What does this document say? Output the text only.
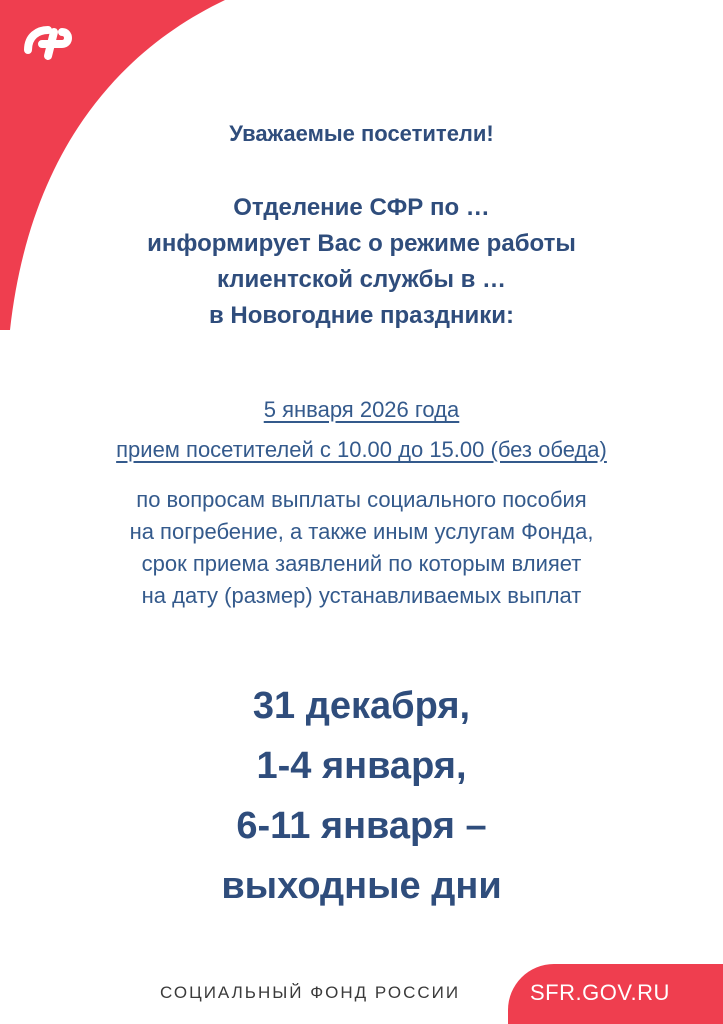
Уважаемые посетители!
Отделение СФР по …
информирует Вас о режиме работы
клиентской службы в …
в Новогодние праздники:
5 января 2026 года
прием посетителей с 10.00 до 15.00 (без обеда)
по вопросам выплаты социального пособия
на погребение, а также иным услугам Фонда,
срок приема заявлений по которым влияет
на дату (размер) устанавливаемых выплат
31 декабря,
1-4 января,
6-11 января –
выходные дни
СОЦИАЛЬНЫЙ ФОНД РОССИИ	SFR.GOV.RU
